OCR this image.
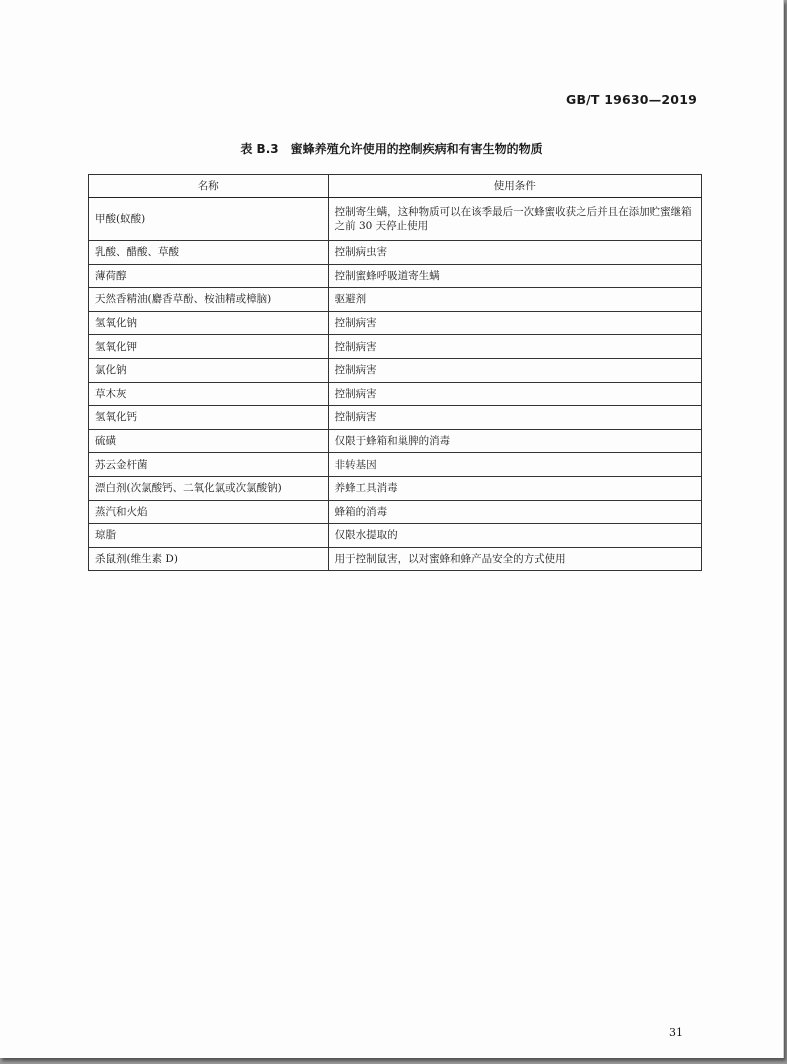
GB/T 19630—2019
表 B.3　蜜蜂养殖允许使用的控制疾病和有害生物的物质
名称	使用条件
甲酸(蚁酸)	控制寄生螨，这种物质可以在该季最后一次蜂蜜收获之后并且在添加贮蜜继箱之前 30 天停止使用
乳酸、醋酸、草酸	控制病虫害
薄荷醇	控制蜜蜂呼吸道寄生螨
天然香精油(麝香草酚、桉油精或樟脑)	驱避剂
氢氧化钠	控制病害
氢氧化钾	控制病害
氯化钠	控制病害
草木灰	控制病害
氢氧化钙	控制病害
硫磺	仅限于蜂箱和巢脾的消毒
苏云金杆菌	非转基因
漂白剂(次氯酸钙、二氧化氯或次氯酸钠)	养蜂工具消毒
蒸汽和火焰	蜂箱的消毒
琼脂	仅限水提取的
杀鼠剂(维生素 D)	用于控制鼠害，以对蜜蜂和蜂产品安全的方式使用
31
